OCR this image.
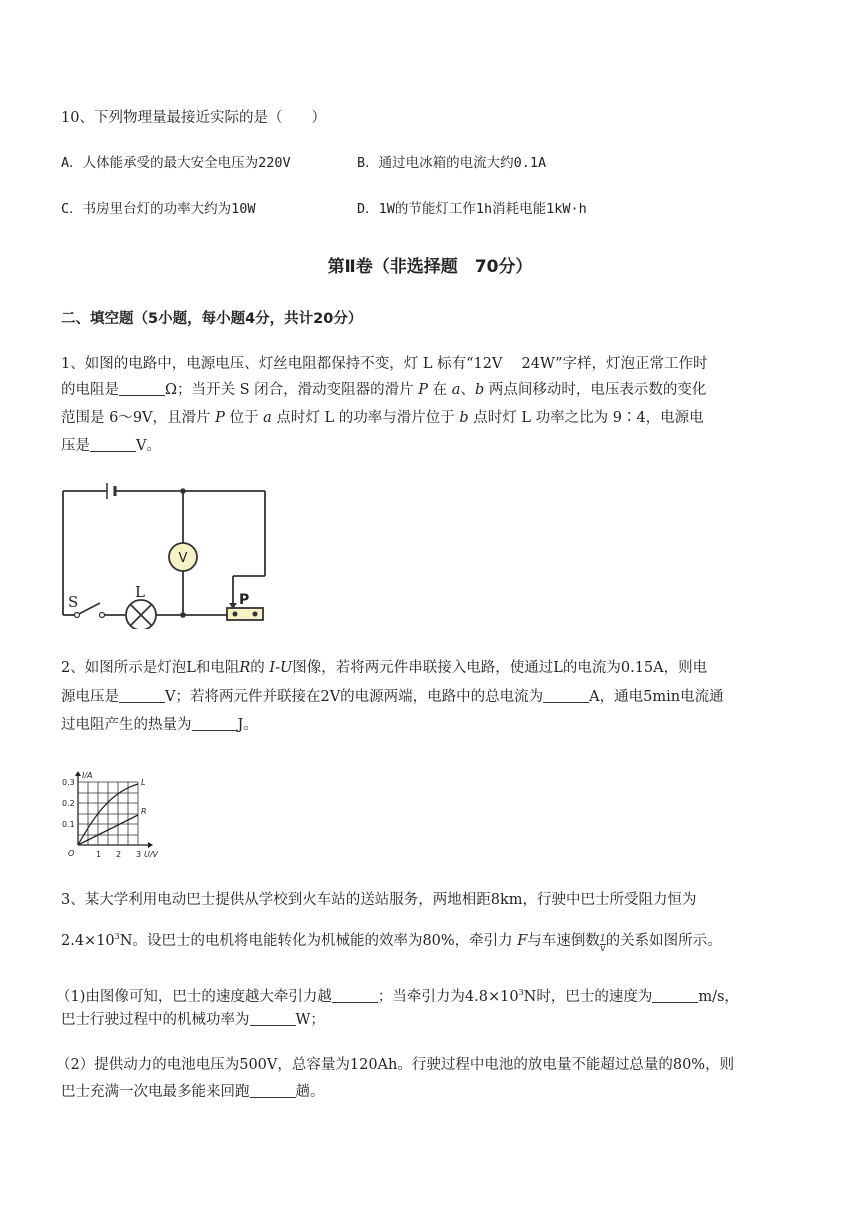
10、下列物理量最接近实际的是（　　）
A．人体能承受的最大安全电压为220V	B．通过电冰箱的电流大约0.1A
C．书房里台灯的功率大约为10W	D．1W的节能灯工作1h消耗电能1kW·h
第Ⅱ卷（非选择题　70分）
二、填空题（5小题，每小题4分，共计20分）
1、如图的电路中，电源电压、灯丝电阻都保持不变，灯 L 标有“12V　 24W”字样，灯泡正常工作时
的电阻是	Ω；当开关 S 闭合，滑动变阻器的滑片 P 在 a、b 两点间移动时，电压表示数的变化
范围是 6～9V，且滑片 P 位于 a 点时灯 L 的功率与滑片位于 b 点时灯 L 功率之比为 9∶4，电源电
压是	V。
V
L
S	P
2、如图所示是灯泡L和电阻R的 I-U图像，若将两元件串联接入电路，使通过L的电流为0.15A，则电
源电压是	V；若将两元件并联接在2V的电源两端，电路中的总电流为	A，通电5min电流通
过电阻产生的热量为	J。
I/A
U/V
O
0.3
0.2
0.1
1 2 3
L
R
3、某大学利用电动巴士提供从学校到火车站的送站服务，两地相距8km，行驶中巴士所受阻力恒为
$2.4\times 10^3N$。设巴士的电机将电能转化为机械能的效率为80%，牵引力 F与车速倒数 $\frac{1}{v}$ 的关系如图所示。
（1)由图像可知，巴士的速度越大牵引力越	；当牵引力为$4.8\times 10^3N$时，巴士的速度为	m/s，
巴士行驶过程中的机械功率为	W；
（2）提供动力的电池电压为500V，总容量为120Ah。行驶过程中电池的放电量不能超过总量的80%，则
巴士充满一次电最多能来回跑	趟。
